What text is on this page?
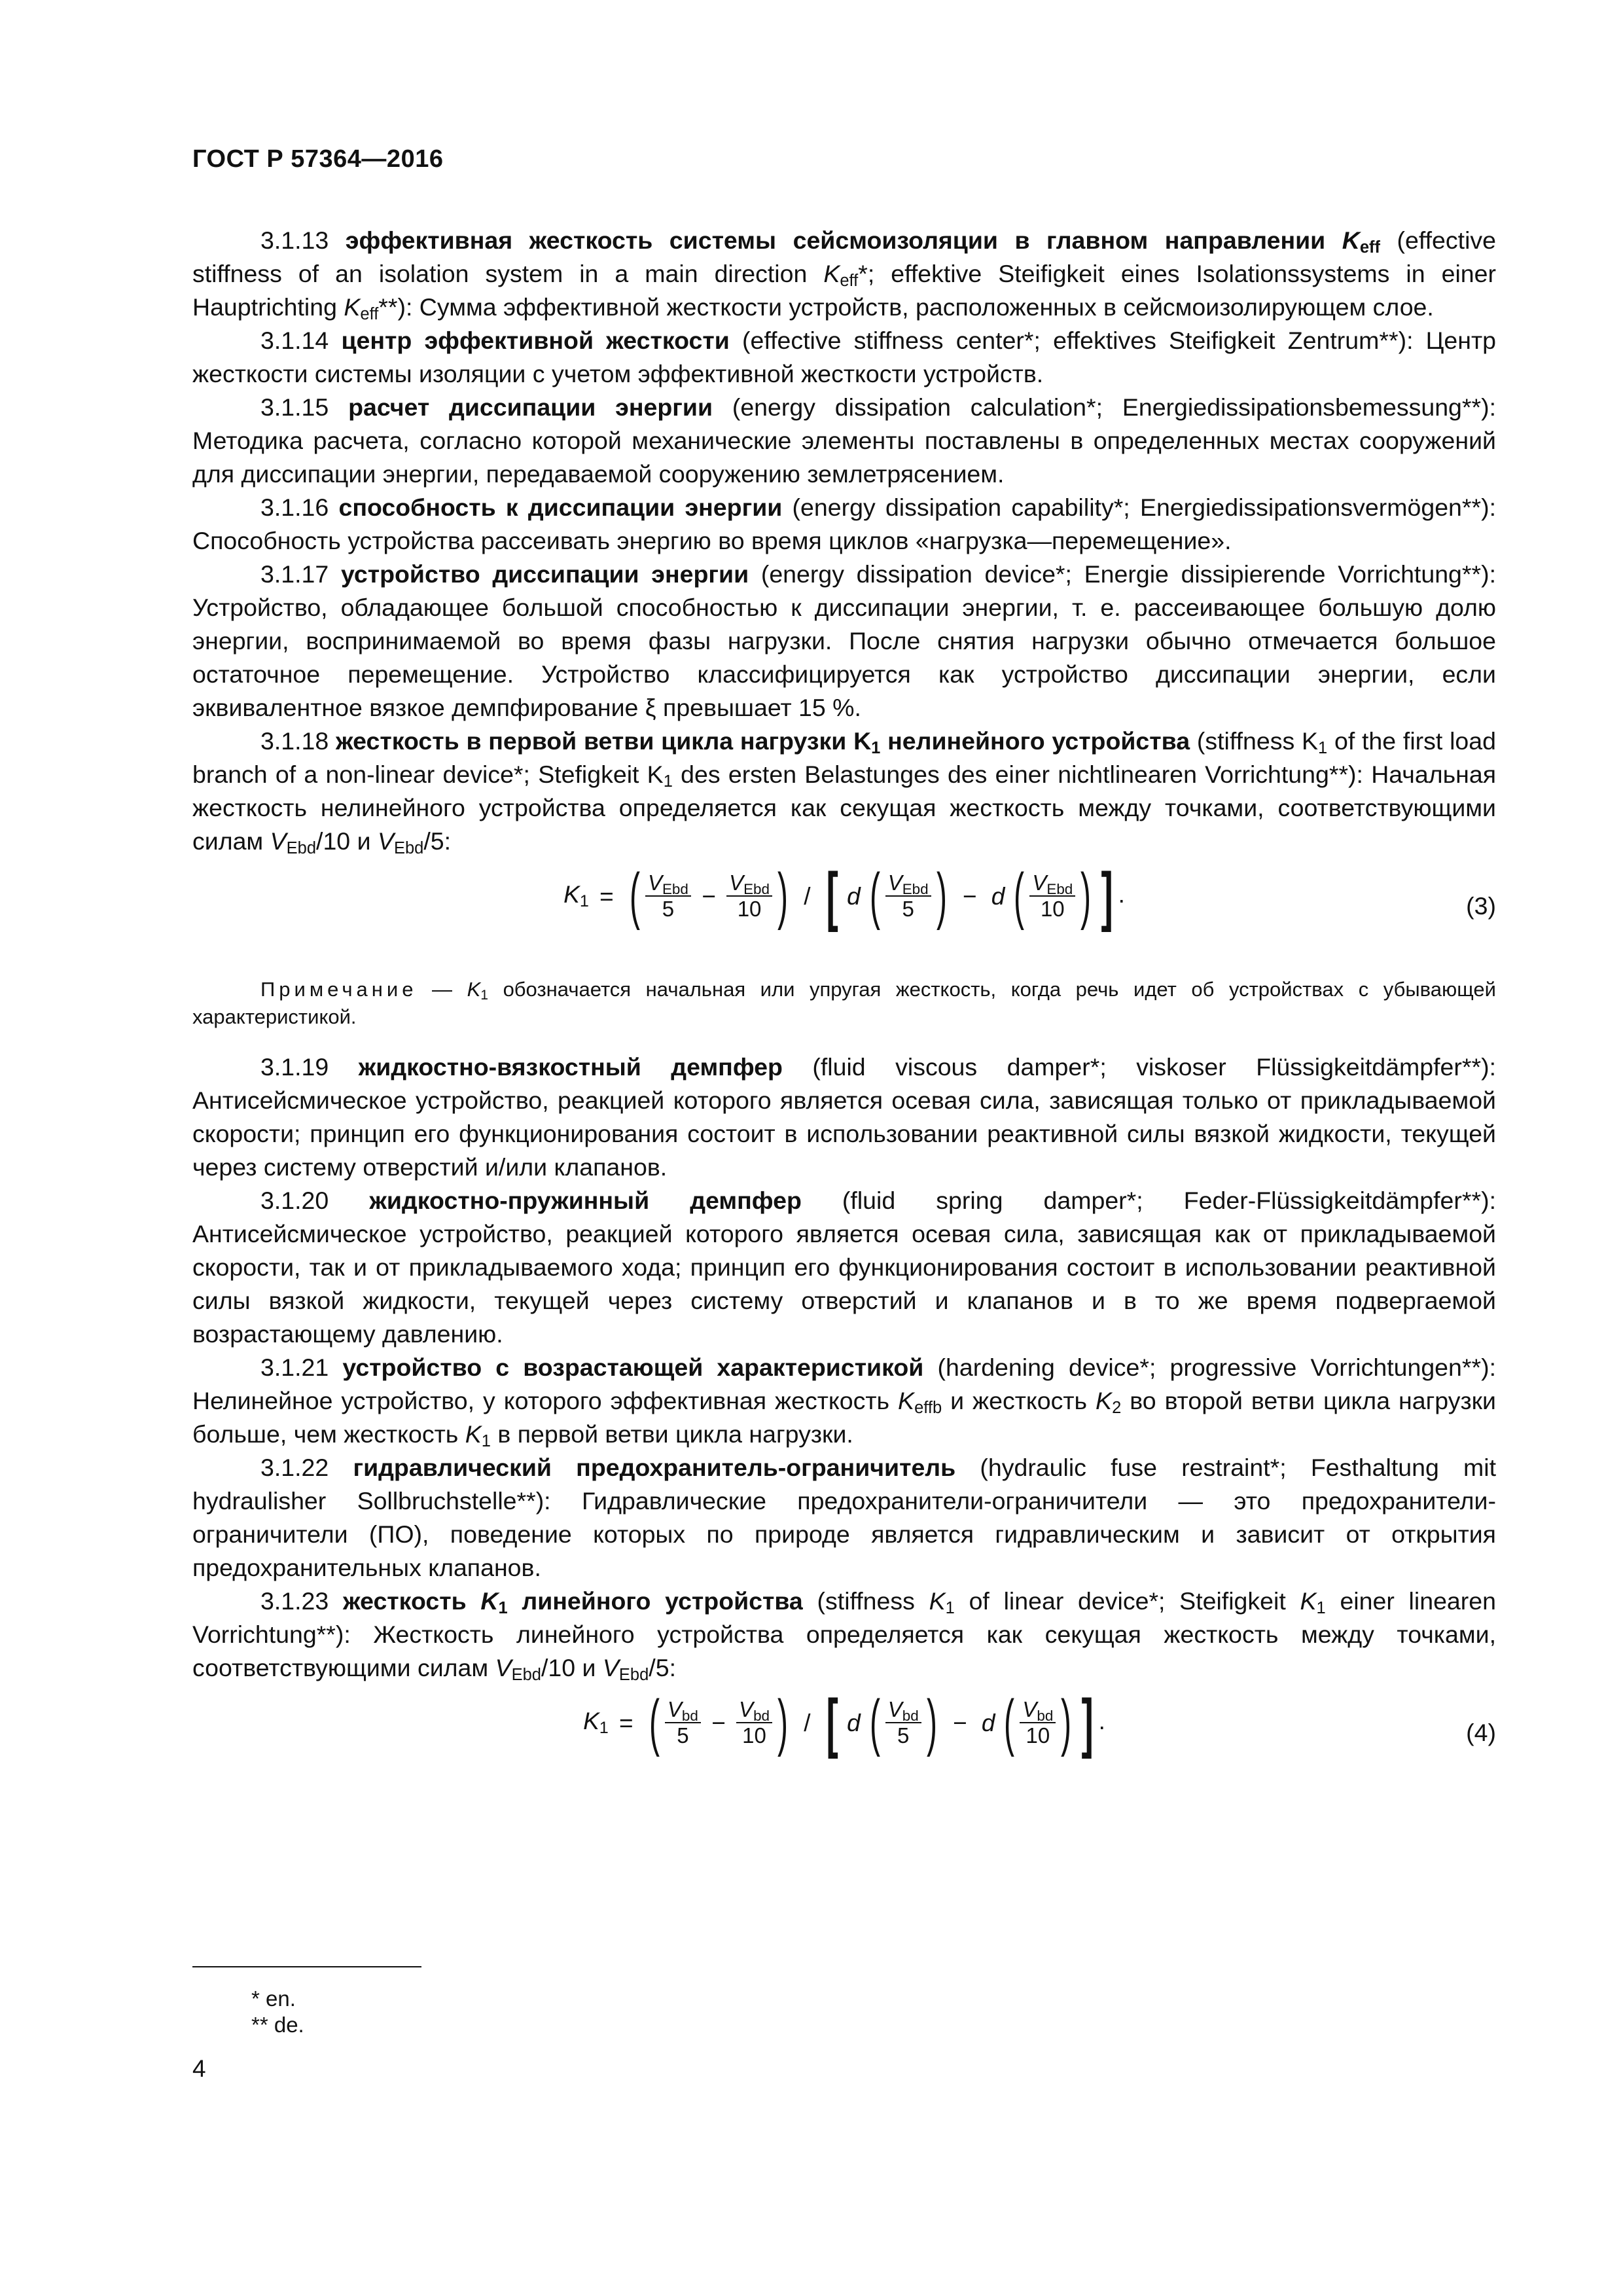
ГОСТ Р 57364—2016

3.1.13 эффективная жесткость системы сейсмоизоляции в главном направлении $K_{eff}$ (effective stiffness of an isolation system in a main direction $K_{eff}*$; effektive Steifigkeit eines Isolationssystems in einer Hauptrichting $K_{eff}**$): Сумма эффективной жесткости устройств, расположенных в сейсмоизолирующем слое.

3.1.14 центр эффективной жесткости (effective stiffness center*; effektives Steifigkeit Zentrum**): Центр жесткости системы изоляции с учетом эффективной жесткости устройств.

3.1.15 расчет диссипации энергии (energy dissipation calculation*; Energiedissipationsbemessung**): Методика расчета, согласно которой механические элементы поставлены в определенных местах сооружений для диссипации энергии, передаваемой сооружению землетрясением.

3.1.16 способность к диссипации энергии (energy dissipation capability*; Energiedissipationsvermögen**): Способность устройства рассеивать энергию во время циклов «нагрузка—перемещение».

3.1.17 устройство диссипации энергии (energy dissipation device*; Energie dissipierende Vorrichtung**): Устройство, обладающее большой способностью к диссипации энергии, т. е. рассеивающее большую долю энергии, воспринимаемой во время фазы нагрузки. После снятия нагрузки обычно отмечается большое остаточное перемещение. Устройство классифицируется как устройство диссипации энергии, если эквивалентное вязкое демпфирование ξ превышает 15 %.

3.1.18 жесткость в первой ветви цикла нагрузки $K_1$ нелинейного устройства (stiffness $K_1$ of the first load branch of a non-linear device*; Stefigkeit $K_1$ des ersten Belastunges des einer nichtlinearen Vorrichtung**): Начальная жесткость нелинейного устройства определяется как секущая жесткость между точками, соответствующими силам $V_{Ebd}/10$ и $V_{Ebd}/5$:

$K_1$ = ( $\frac{V_{Ebd}}{5} - \frac{V_{Ebd}}{10}$ ) / [ d ( $\frac{V_{Ebd}}{5}$ ) − d ( $\frac{V_{Ebd}}{10}$ ) ] .	(3)

Примечание — $K_1$ обозначается начальная или упругая жесткость, когда речь идет об устройствах с убывающей характеристикой.

3.1.19 жидкостно-вязкостный демпфер (fluid viscous damper*; viskoser Flüssigkeitdämpfer**): Антисейсмическое устройство, реакцией которого является осевая сила, зависящая только от прикладываемой скорости; принцип его функционирования состоит в использовании реактивной силы вязкой жидкости, текущей через систему отверстий и/или клапанов.

3.1.20 жидкостно-пружинный демпфер (fluid spring damper*; Feder-Flüssigkeitdämpfer**): Антисейсмическое устройство, реакцией которого является осевая сила, зависящая как от прикладываемой скорости, так и от прикладываемого хода; принцип его функционирования состоит в использовании реактивной силы вязкой жидкости, текущей через систему отверстий и клапанов и в то же время подвергаемой возрастающему давлению.

3.1.21 устройство с возрастающей характеристикой (hardening device*; progressive Vorrichtungen**): Нелинейное устройство, у которого эффективная жесткость $K_{effb}$ и жесткость $K_2$ во второй ветви цикла нагрузки больше, чем жесткость $K_1$ в первой ветви цикла нагрузки.

3.1.22 гидравлический предохранитель-ограничитель (hydraulic fuse restraint*; Festhaltung mit hydraulisher Sollbruchstelle**): Гидравлические предохранители-ограничители — это предохранители-ограничители (ПО), поведение которых по природе является гидравлическим и зависит от открытия предохранительных клапанов.

3.1.23 жесткость $K_1$ линейного устройства (stiffness $K_1$ of linear device*; Steifigkeit $K_1$ einer linearen Vorrichtung**): Жесткость линейного устройства определяется как секущая жесткость между точками, соответствующими силам $V_{Ebd}/10$ и $V_{Ebd}/5$:

$K_1$ = ( $\frac{V_{bd}}{5} - \frac{V_{bd}}{10}$ ) / [ d ( $\frac{V_{bd}}{5}$ ) − d ( $\frac{V_{bd}}{10}$ ) ] .	(4)
* en.
** de.
4
